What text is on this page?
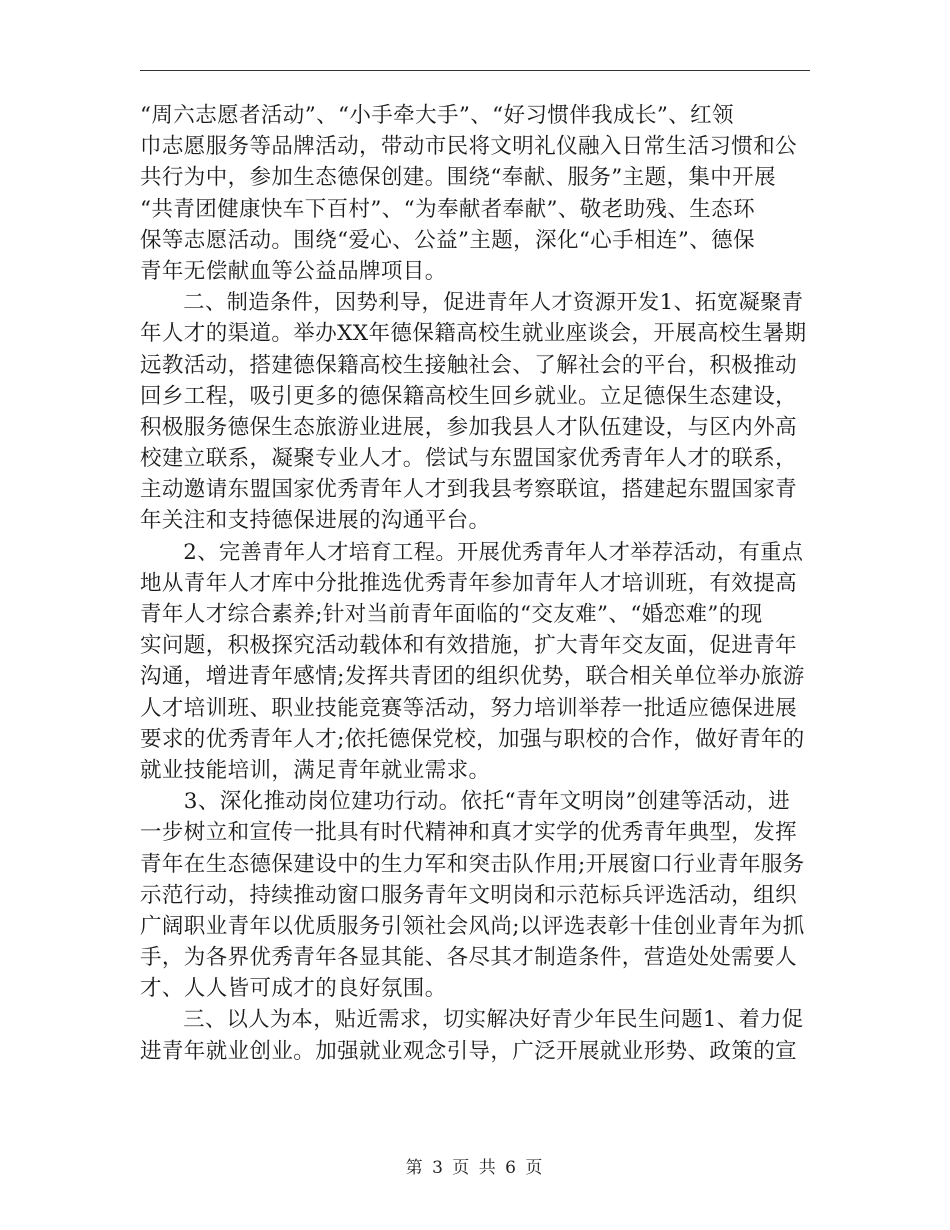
“周六志愿者活动”、“小手牵大手”、“好习惯伴我成长”、红领
巾志愿服务等品牌活动，带动市民将文明礼仪融入日常生活习惯和公
共行为中，参加生态德保创建。围绕“奉献、服务”主题，集中开展
“共青团健康快车下百村”、“为奉献者奉献”、敬老助残、生态环
保等志愿活动。围绕“爱心、公益”主题，深化“心手相连”、德保
青年无偿献血等公益品牌项目。
　　二、制造条件，因势利导，促进青年人才资源开发1、拓宽凝聚青
年人才的渠道。举办XX年德保籍高校生就业座谈会，开展高校生暑期
远教活动，搭建德保籍高校生接触社会、了解社会的平台，积极推动
回乡工程，吸引更多的德保籍高校生回乡就业。立足德保生态建设，
积极服务德保生态旅游业进展，参加我县人才队伍建设，与区内外高
校建立联系，凝聚专业人才。偿试与东盟国家优秀青年人才的联系，
主动邀请东盟国家优秀青年人才到我县考察联谊，搭建起东盟国家青
年关注和支持德保进展的沟通平台。
　　2、完善青年人才培育工程。开展优秀青年人才举荐活动，有重点
地从青年人才库中分批推选优秀青年参加青年人才培训班，有效提高
青年人才综合素养;针对当前青年面临的“交友难”、“婚恋难”的现
实问题，积极探究活动载体和有效措施，扩大青年交友面，促进青年
沟通，增进青年感情;发挥共青团的组织优势，联合相关单位举办旅游
人才培训班、职业技能竞赛等活动，努力培训举荐一批适应德保进展
要求的优秀青年人才;依托德保党校，加强与职校的合作，做好青年的
就业技能培训，满足青年就业需求。
　　3、深化推动岗位建功行动。依托“青年文明岗”创建等活动，进
一步树立和宣传一批具有时代精神和真才实学的优秀青年典型，发挥
青年在生态德保建设中的生力军和突击队作用;开展窗口行业青年服务
示范行动，持续推动窗口服务青年文明岗和示范标兵评选活动，组织
广阔职业青年以优质服务引领社会风尚;以评选表彰十佳创业青年为抓
手，为各界优秀青年各显其能、各尽其才制造条件，营造处处需要人
才、人人皆可成才的良好氛围。
　　三、以人为本，贴近需求，切实解决好青少年民生问题1、着力促
进青年就业创业。加强就业观念引导，广泛开展就业形势、政策的宣
第 3 页 共 6 页
